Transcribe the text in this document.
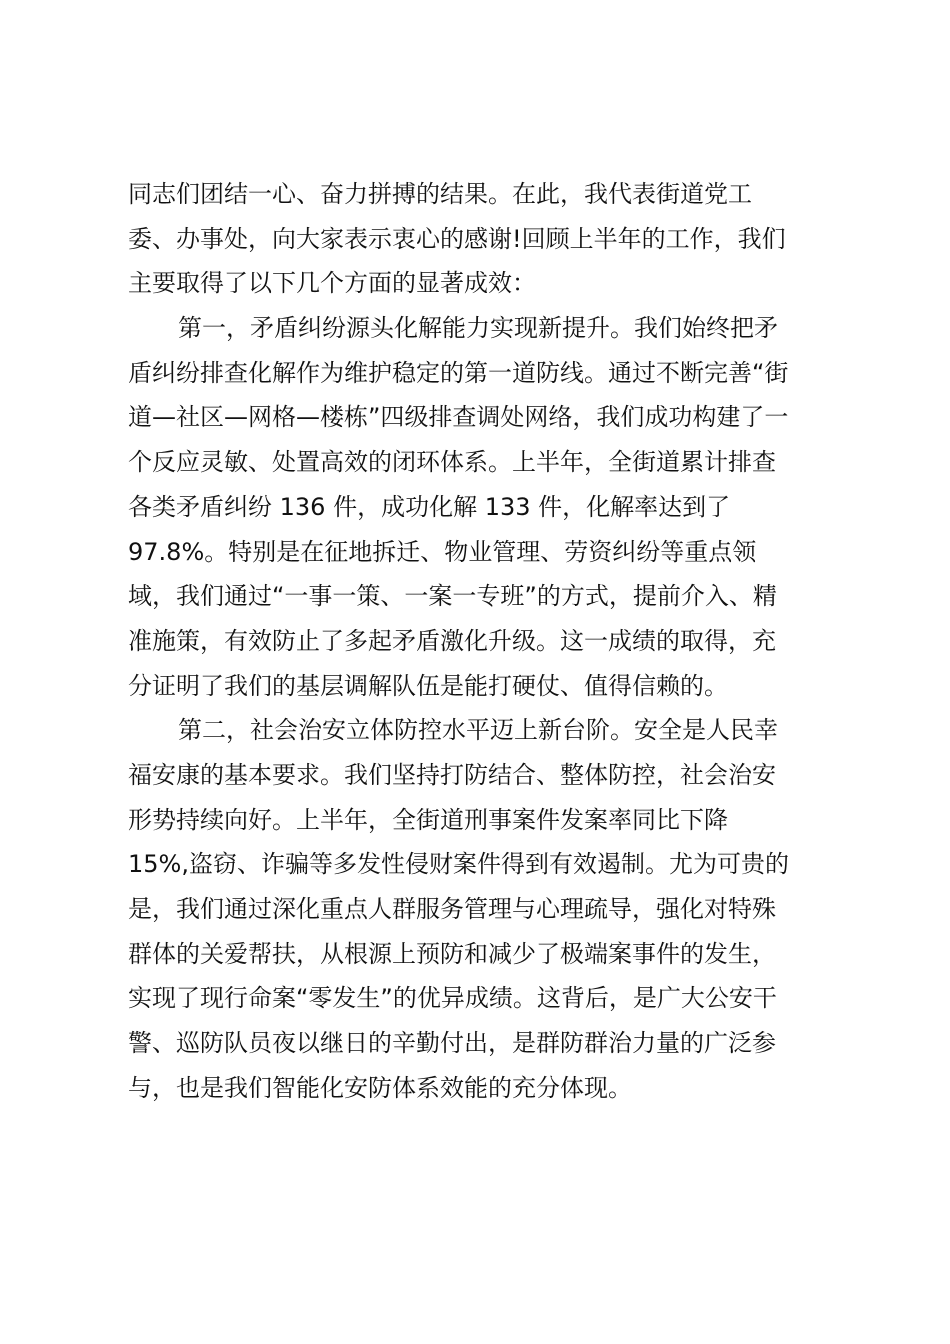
同志们团结一心、奋力拼搏的结果。在此，我代表街道党工
委、办事处，向大家表示衷心的感谢!回顾上半年的工作，我们
主要取得了以下几个方面的显著成效：
第一，矛盾纠纷源头化解能力实现新提升。我们始终把矛
盾纠纷排查化解作为维护稳定的第一道防线。通过不断完善“街
道—社区—网格—楼栋”四级排查调处网络，我们成功构建了一
个反应灵敏、处置高效的闭环体系。上半年，全街道累计排查
各类矛盾纠纷 136 件，成功化解 133 件，化解率达到了
97.8%。特别是在征地拆迁、物业管理、劳资纠纷等重点领
域，我们通过“一事一策、一案一专班”的方式，提前介入、精
准施策，有效防止了多起矛盾激化升级。这一成绩的取得，充
分证明了我们的基层调解队伍是能打硬仗、值得信赖的。
第二，社会治安立体防控水平迈上新台阶。安全是人民幸
福安康的基本要求。我们坚持打防结合、整体防控，社会治安
形势持续向好。上半年，全街道刑事案件发案率同比下降
15%,盗窃、诈骗等多发性侵财案件得到有效遏制。尤为可贵的
是，我们通过深化重点人群服务管理与心理疏导，强化对特殊
群体的关爱帮扶，从根源上预防和减少了极端案事件的发生，
实现了现行命案“零发生”的优异成绩。这背后，是广大公安干
警、巡防队员夜以继日的辛勤付出，是群防群治力量的广泛参
与，也是我们智能化安防体系效能的充分体现。
